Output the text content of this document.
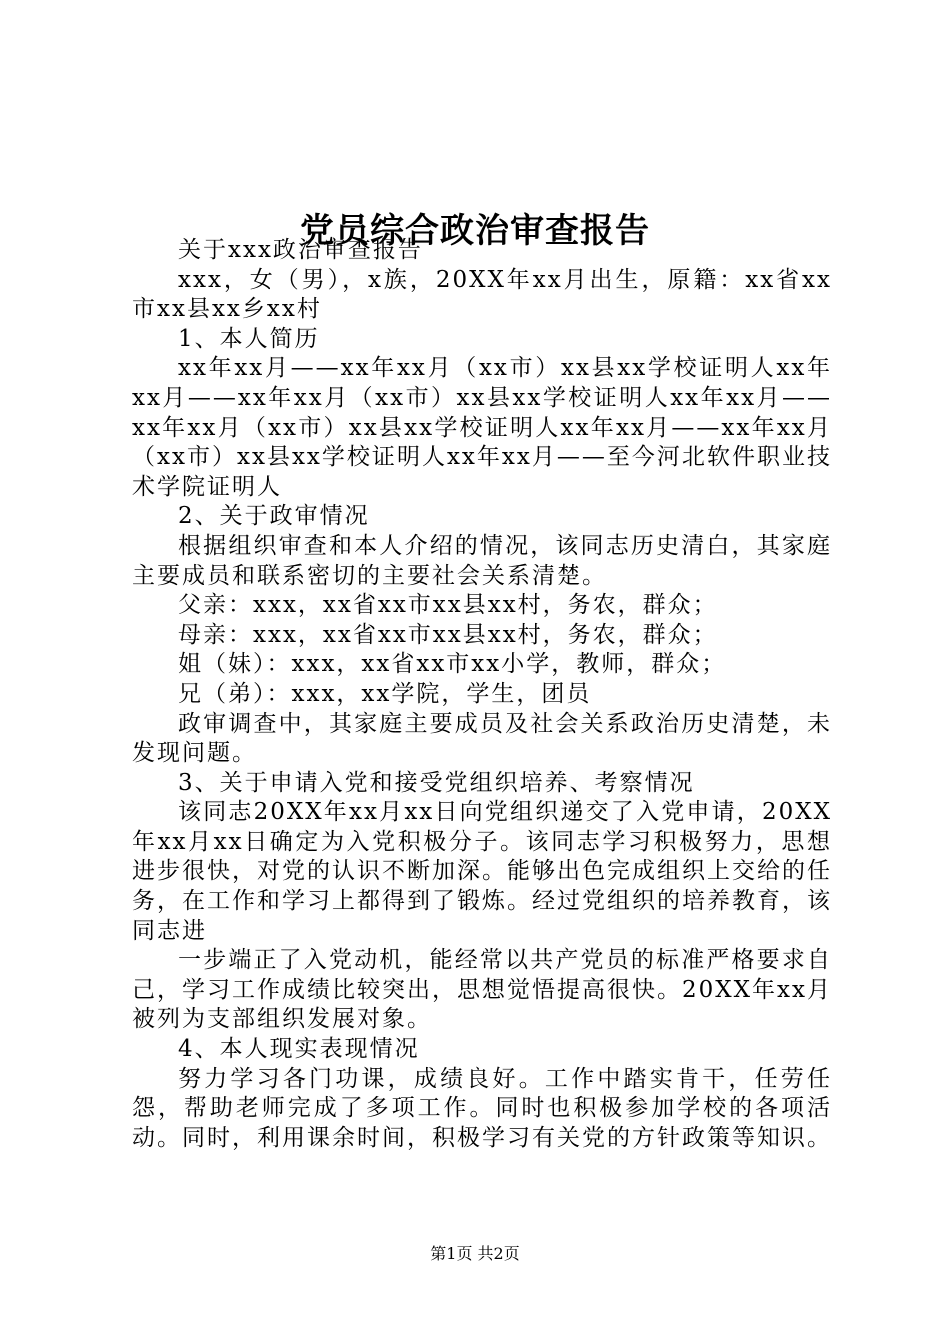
党员综合政治审查报告

关于xxx政治审查报告

xxx，女（男），x族，20XX年xx月出生，原籍：xx省xx市xx县xx乡xx村

1、本人简历

xx年xx月——xx年xx月（xx市）xx县xx学校证明人xx年xx月——xx年xx月（xx市）xx县xx学校证明人xx年xx月——xx年xx月（xx市）xx县xx学校证明人xx年xx月——xx年xx月（xx市）xx县xx学校证明人xx年xx月——至今河北软件职业技术学院证明人

2、关于政审情况

根据组织审查和本人介绍的情况，该同志历史清白，其家庭主要成员和联系密切的主要社会关系清楚。

父亲：xxx，xx省xx市xx县xx村，务农，群众；

母亲：xxx，xx省xx市xx县xx村，务农，群众；

姐（妹）：xxx，xx省xx市xx小学，教师，群众；

兄（弟）：xxx，xx学院，学生，团员

政审调查中，其家庭主要成员及社会关系政治历史清楚，未发现问题。

3、关于申请入党和接受党组织培养、考察情况

该同志20XX年xx月xx日向党组织递交了入党申请，20XX年xx月xx日确定为入党积极分子。该同志学习积极努力，思想进步很快，对党的认识不断加深。能够出色完成组织上交给的任务，在工作和学习上都得到了锻炼。经过党组织的培养教育，该同志进

一步端正了入党动机，能经常以共产党员的标准严格要求自己，学习工作成绩比较突出，思想觉悟提高很快。20XX年xx月被列为支部组织发展对象。

4、本人现实表现情况

努力学习各门功课，成绩良好。工作中踏实肯干，任劳任怨，帮助老师完成了多项工作。同时也积极参加学校的各项活动。同时，利用课余时间，积极学习有关党的方针政策等知识。

第1页 共2页
